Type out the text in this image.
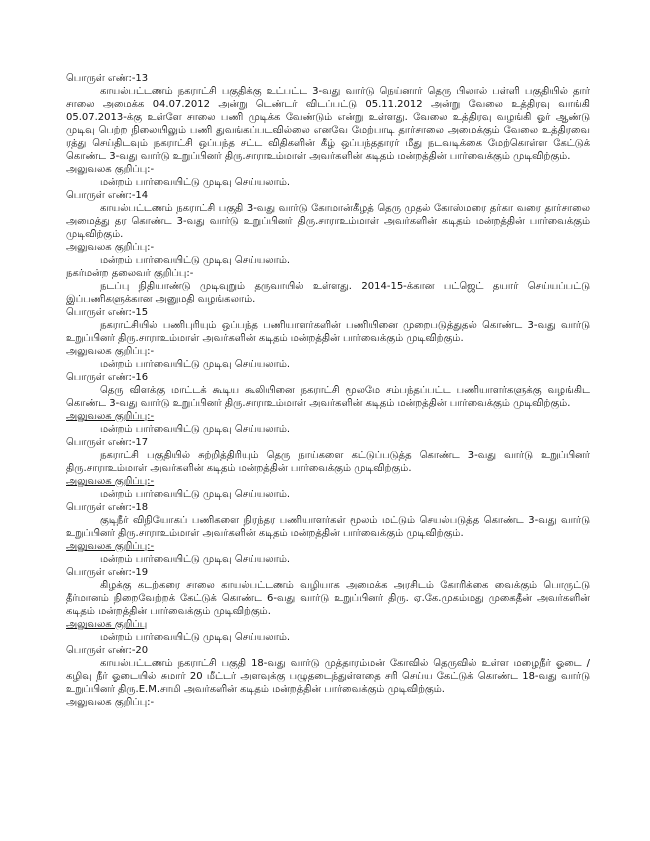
பொருள் எண்:-13

காயல்பட்டணம் நகராட்சி பகுதிக்கு உட்பட்ட 3-வது வார்டு நெய்னார் தெரு பிலால் பள்ளி பகுதியில் தார் சாலை அமைக்க 04.07.2012 அன்று டெண்டர் விடப்பட்டு 05.11.2012 அன்று வேலை உத்திரவு வாங்கி 05.07.2013-க்கு உள்ளே சாலை பணி முடிக்க வேண்டும் என்று உள்ளது. வேலை உத்திரவு வழங்கி ஓர் ஆண்டு முடிவு பெற்ற நிலையிலும் பணி துவங்கப்படவில்லை எனவே மேற்பாடி தார்சாலை அமைக்கும் வேலை உத்திரவை ரத்து செய்திடவும் நகராட்சி ஒப்பந்த சட்ட விதிகளின் கீழ் ஒப்பந்ததாரர் மீது நடவடிக்கை மேற்கொள்ள கேட்டுக் கொண்ட 3-வது வார்டு உறுப்பினர் திரு.சாராஉம்மாள் அவர்களின் கடிதம் மன்றத்தின் பார்வைக்கும் முடிவிற்கும்.

அலுவலக குறிப்பு:-

மன்றம் பார்வையிட்டு முடிவு செய்யலாம்.

பொருள் எண்:-14

காயல்பட்டணம் நகராட்சி பகுதி 3-வது வார்டு கோமான்கீழத் தெரு முதல் கோஸ்மரை தர்கா வரை தார்சாலை அமைத்து தர கொண்ட 3-வது வார்டு உறுப்பினர் திரு.சாராஉம்மாள் அவர்களின் கடிதம் மன்றத்தின் பார்வைக்கும் முடிவிற்கும்.

அலுவலக குறிப்பு:-

மன்றம் பார்வையிட்டு முடிவு செய்யலாம்.

நகர்மன்ற தலைவர் குறிப்பு:-

நடப்பு நிதியாண்டு முடிவுறும் தருவாயில் உள்ளது. 2014-15-க்கான பட்ஜெட் தயார் செய்யப்பட்டு இப்பணிகளுக்கான அனுமதி வழங்கலாம்.

பொருள் எண்:-15

நகராட்சியில் பணிபுரியும் ஒப்பந்த பணியாளர்களின் பணியினை முறைபடுத்துதல் கொண்ட 3-வது வார்டு உறுப்பினர் திரு.சாராஉம்மாள் அவர்களின் கடிதம் மன்றத்தின் பார்வைக்கும் முடிவிற்கும்.

அலுவலக குறிப்பு:-

மன்றம் பார்வையிட்டு முடிவு செய்யலாம்.

பொருள் எண்:-16

தெரு விளக்கு மாட்டக் கூடிய கூலியினை நகராட்சி மூலமே சம்பந்தப்பட்ட பணியாளர்களுக்கு வழங்கிட கொண்ட 3-வது வார்டு உறுப்பினர் திரு.சாராஉம்மாள் அவர்களின் கடிதம் மன்றத்தின் பார்வைக்கும் முடிவிற்கும்.

அலுவலக குறிப்பு:-

மன்றம் பார்வையிட்டு முடிவு செய்யலாம்.

பொருள் எண்:-17

நகராட்சி பகுதியில் சுற்றித்திரியும் தெரு நாய்களை கட்டுப்படுத்த கொண்ட 3-வது வார்டு உறுப்பினர் திரு.சாராஉம்மாள் அவர்களின் கடிதம் மன்றத்தின் பார்வைக்கும் முடிவிற்கும்.

அலுவலக குறிப்பு:-

மன்றம் பார்வையிட்டு முடிவு செய்யலாம்.

பொருள் எண்:-18

குடிநீர் விநியோகப் பணிகளை நிரந்தர பணியாளர்கள் மூலம் மட்டும் செயல்படுத்த கொண்ட 3-வது வார்டு உறுப்பினர் திரு.சாராஉம்மாள் அவர்களின் கடிதம் மன்றத்தின் பார்வைக்கும் முடிவிற்கும்.

அலுவலக குறிப்பு:-

மன்றம் பார்வையிட்டு முடிவு செய்யலாம்.

பொருள் எண்:-19

கிழக்கு கடற்கரை சாலை காயல்பட்டணம் வழியாக அமைக்க அரசிடம் கோரிக்கை வைக்கும் பொருட்டு தீர்மானம் நிறைவேற்றக் கேட்டுக் கொண்ட 6-வது வார்டு உறுப்பினர் திரு. ஏ.கே.முகம்மது முகைதீன் அவர்களின் கடிதம் மன்றத்தின் பார்வைக்கும் முடிவிற்கும்.

அலுவலக குறிப்பு

மன்றம் பார்வையிட்டு முடிவு செய்யலாம்.

பொருள் எண்:-20

காயல்பட்டணம் நகராட்சி பகுதி 18-வது வார்டு முத்தாரம்மன் கோவில் தெருவில் உள்ள மழைநீர் ஓடை / கழிவு நீர் ஓடையில் சுமார் 20 மீட்டர் அளவுக்கு பழுதடைந்துள்ளதை சரி செய்ய கேட்டுக் கொண்ட 18-வது வார்டு உறுப்பினர் திரு.E.M.சாமி அவர்களின் கடிதம் மன்றத்தின் பார்வைக்கும் முடிவிற்கும்.

அலுவலக குறிப்பு:-
